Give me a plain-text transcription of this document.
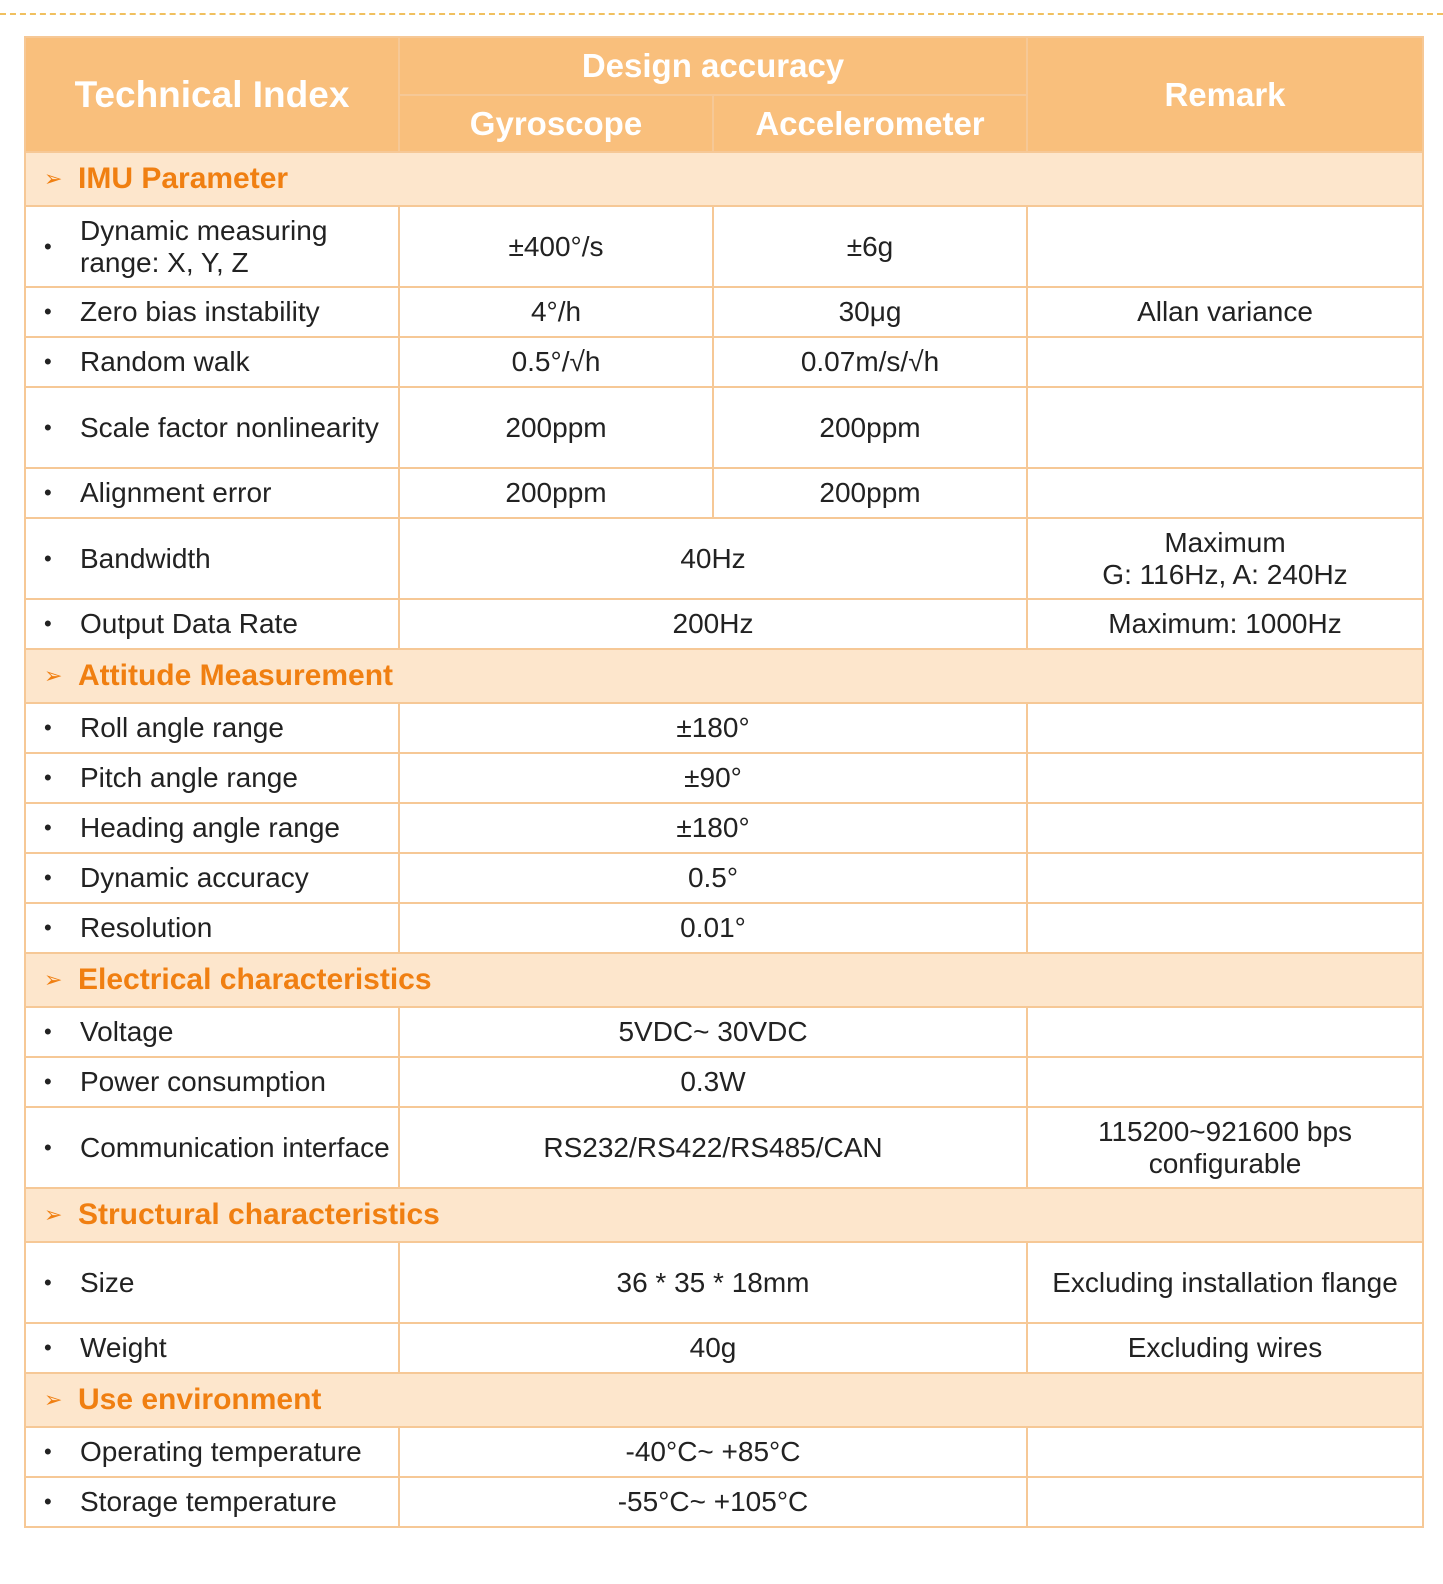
Technical Index	Design accuracy		Remark
	Gyroscope	Accelerometer	
➢ IMU Parameter			

•
Dynamic measuring range: X, Y, Z	±400°/s	±6g	

• Zero bias instability	4°/h	30μg	Allan variance

• Random walk	0.5°/√h	0.07m/s/√h	

• Scale factor nonlinearity	200ppm	200ppm	

• Alignment error	200ppm	200ppm	

• Bandwidth	40Hz		Maximum
G: 116Hz, A: 240Hz

• Output Data Rate	200Hz		Maximum: 1000Hz
➢ Attitude Measurement			

• Roll angle range	±180°		

• Pitch angle range	±90°		

• Heading angle range	±180°		

• Dynamic accuracy	0.5°		

• Resolution	0.01°		
➢ Electrical characteristics			

• Voltage	5VDC~ 30VDC		

• Power consumption	0.3W		

• Communication interface	RS232/RS422/RS485/CAN		115200~921600 bps configurable
➢ Structural characteristics			

• Size	36 * 35 * 18mm		Excluding installation flange

• Weight	40g		Excluding wires
➢ Use environment			

• Operating temperature	-40°C~ +85°C		

• Storage temperature	-55°C~ +105°C		
